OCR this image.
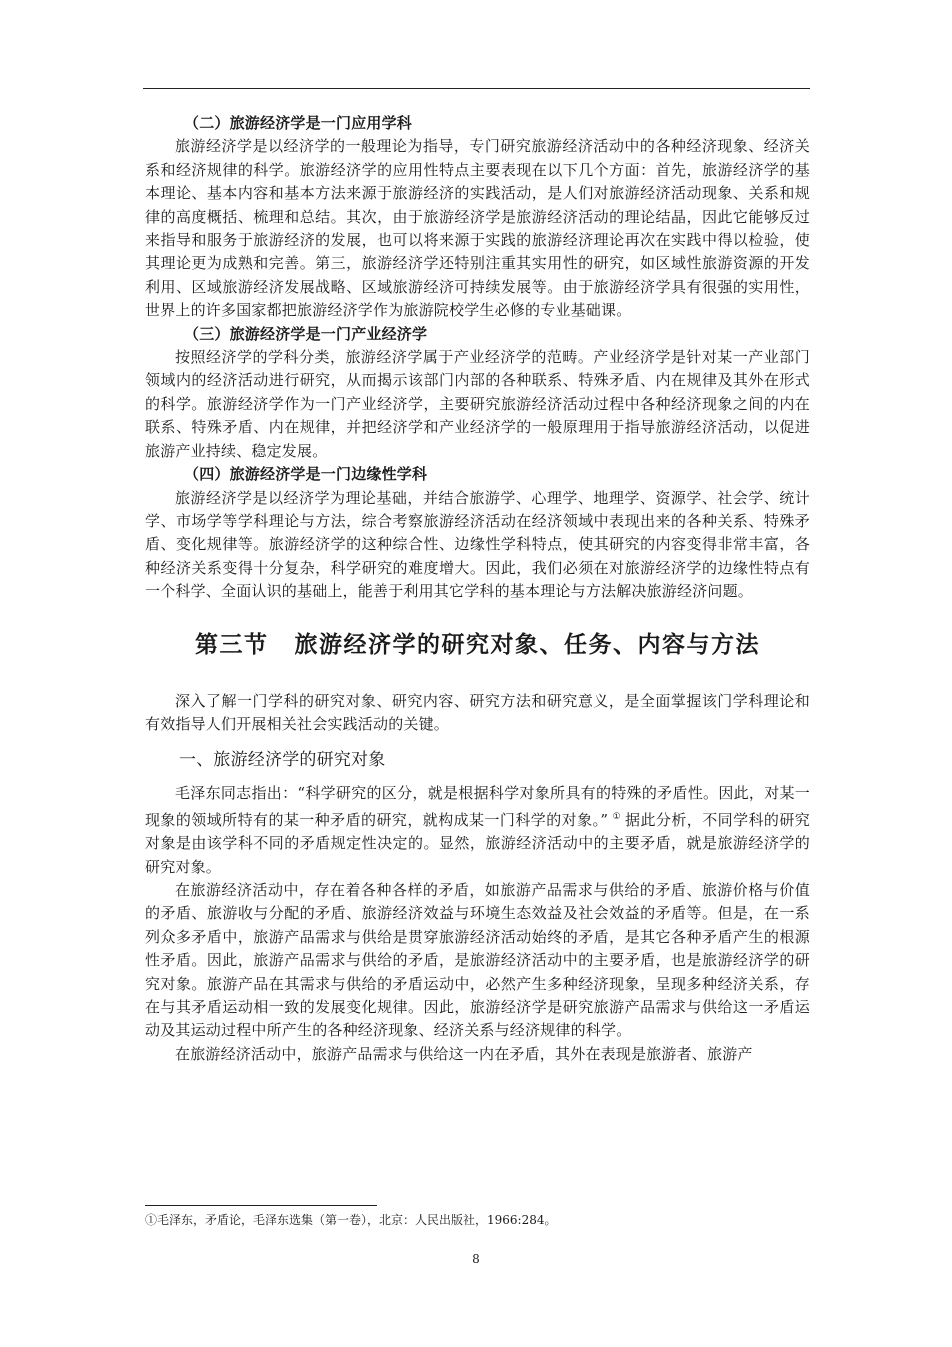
（二）旅游经济学是一门应用学科

旅游经济学是以经济学的一般理论为指导，专门研究旅游经济活动中的各种经济现象、经济关系和经济规律的科学。旅游经济学的应用性特点主要表现在以下几个方面：首先，旅游经济学的基本理论、基本内容和基本方法来源于旅游经济的实践活动，是人们对旅游经济活动现象、关系和规律的高度概括、梳理和总结。其次，由于旅游经济学是旅游经济活动的理论结晶，因此它能够反过来指导和服务于旅游经济的发展，也可以将来源于实践的旅游经济理论再次在实践中得以检验，使其理论更为成熟和完善。第三，旅游经济学还特别注重其实用性的研究，如区域性旅游资源的开发利用、区域旅游经济发展战略、区域旅游经济可持续发展等。由于旅游经济学具有很强的实用性，世界上的许多国家都把旅游经济学作为旅游院校学生必修的专业基础课。

（三）旅游经济学是一门产业经济学

按照经济学的学科分类，旅游经济学属于产业经济学的范畴。产业经济学是针对某一产业部门领域内的经济活动进行研究，从而揭示该部门内部的各种联系、特殊矛盾、内在规律及其外在形式的科学。旅游经济学作为一门产业经济学，主要研究旅游经济活动过程中各种经济现象之间的内在联系、特殊矛盾、内在规律，并把经济学和产业经济学的一般原理用于指导旅游经济活动，以促进旅游产业持续、稳定发展。

（四）旅游经济学是一门边缘性学科

旅游经济学是以经济学为理论基础，并结合旅游学、心理学、地理学、资源学、社会学、统计学、市场学等学科理论与方法，综合考察旅游经济活动在经济领域中表现出来的各种关系、特殊矛盾、变化规律等。旅游经济学的这种综合性、边缘性学科特点，使其研究的内容变得非常丰富，各种经济关系变得十分复杂，科学研究的难度增大。因此，我们必须在对旅游经济学的边缘性特点有一个科学、全面认识的基础上，能善于利用其它学科的基本理论与方法解决旅游经济问题。

第三节 旅游经济学的研究对象、任务、内容与方法

深入了解一门学科的研究对象、研究内容、研究方法和研究意义，是全面掌握该门学科理论和有效指导人们开展相关社会实践活动的关键。

一、旅游经济学的研究对象

毛泽东同志指出：“科学研究的区分，就是根据科学对象所具有的特殊的矛盾性。因此，对某一现象的领域所特有的某一种矛盾的研究，就构成某一门科学的对象。” ① 据此分析，不同学科的研究对象是由该学科不同的矛盾规定性决定的。显然，旅游经济活动中的主要矛盾，就是旅游经济学的研究对象。

在旅游经济活动中，存在着各种各样的矛盾，如旅游产品需求与供给的矛盾、旅游价格与价值的矛盾、旅游收与分配的矛盾、旅游经济效益与环境生态效益及社会效益的矛盾等。但是，在一系列众多矛盾中，旅游产品需求与供给是贯穿旅游经济活动始终的矛盾，是其它各种矛盾产生的根源性矛盾。因此，旅游产品需求与供给的矛盾，是旅游经济活动中的主要矛盾，也是旅游经济学的研究对象。旅游产品在其需求与供给的矛盾运动中，必然产生多种经济现象，呈现多种经济关系，存在与其矛盾运动相一致的发展变化规律。因此，旅游经济学是研究旅游产品需求与供给这一矛盾运动及其运动过程中所产生的各种经济现象、经济关系与经济规律的科学。

在旅游经济活动中，旅游产品需求与供给这一内在矛盾，其外在表现是旅游者、旅游产

①毛泽东，矛盾论，毛泽东选集（第一卷），北京：人民出版社，1966:284。
8
